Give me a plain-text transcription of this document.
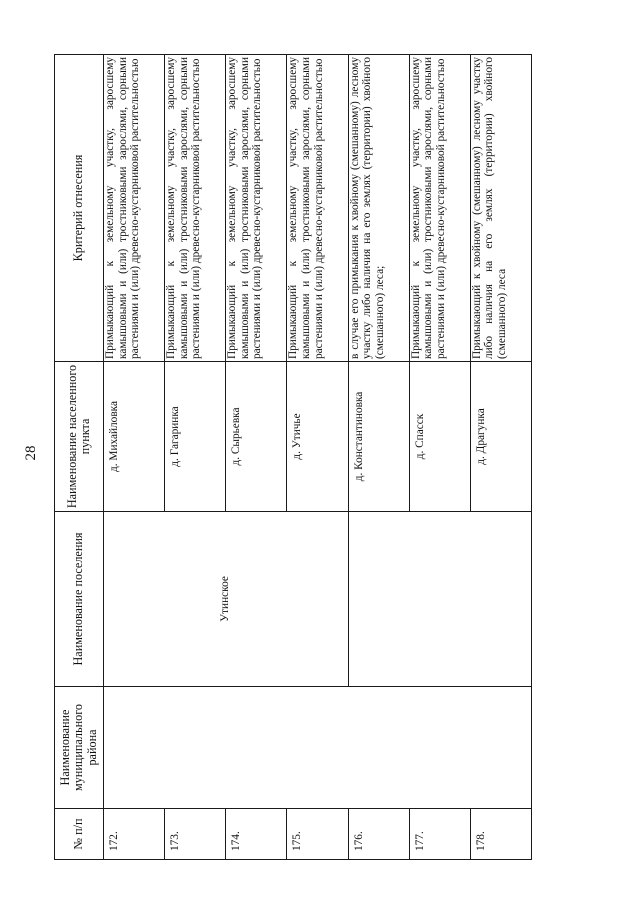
28
№ п/п	Наименование муниципального района	Наименование поселения	Наименование населенного пункта	Критерий отнесения
172.		Утинское	д. Михайловка	Примыкающий к земельному участку, заросшему камышовыми и (или) тростниковыми зарослями, сорными растениями и (или) древесно-кустарниковой растительностью

173.			д. Гагаринка	Примыкающий к земельному участку, заросшему камышовыми и (или) тростниковыми зарослями, сорными растениями и (или) древесно-кустарниковой растительностью

174.			д. Сырьевка	Примыкающий к земельному участку, заросшему камышовыми и (или) тростниковыми зарослями, сорными растениями и (или) древесно-кустарниковой растительностью

175.			д. Утичье	Примыкающий к земельному участку, заросшему камышовыми и (или) тростниковыми зарослями, сорными растениями и (или) древесно-кустарниковой растительностью

176.			д. Константиновка	в случае его примыкания к хвойному (смешанному) лесному участку либо наличия на его землях (территории) хвойного (смешанного) леса;

177.			д. Спасск	Примыкающий к земельному участку, заросшему камышовыми и (или) тростниковыми зарослями, сорными растениями и (или) древесно-кустарниковой растительностью

178.			д. Драгунка	Примыкающий к хвойному (смешанному) лесному участку либо наличия на его землях (территории) хвойного (смешанного) леса
